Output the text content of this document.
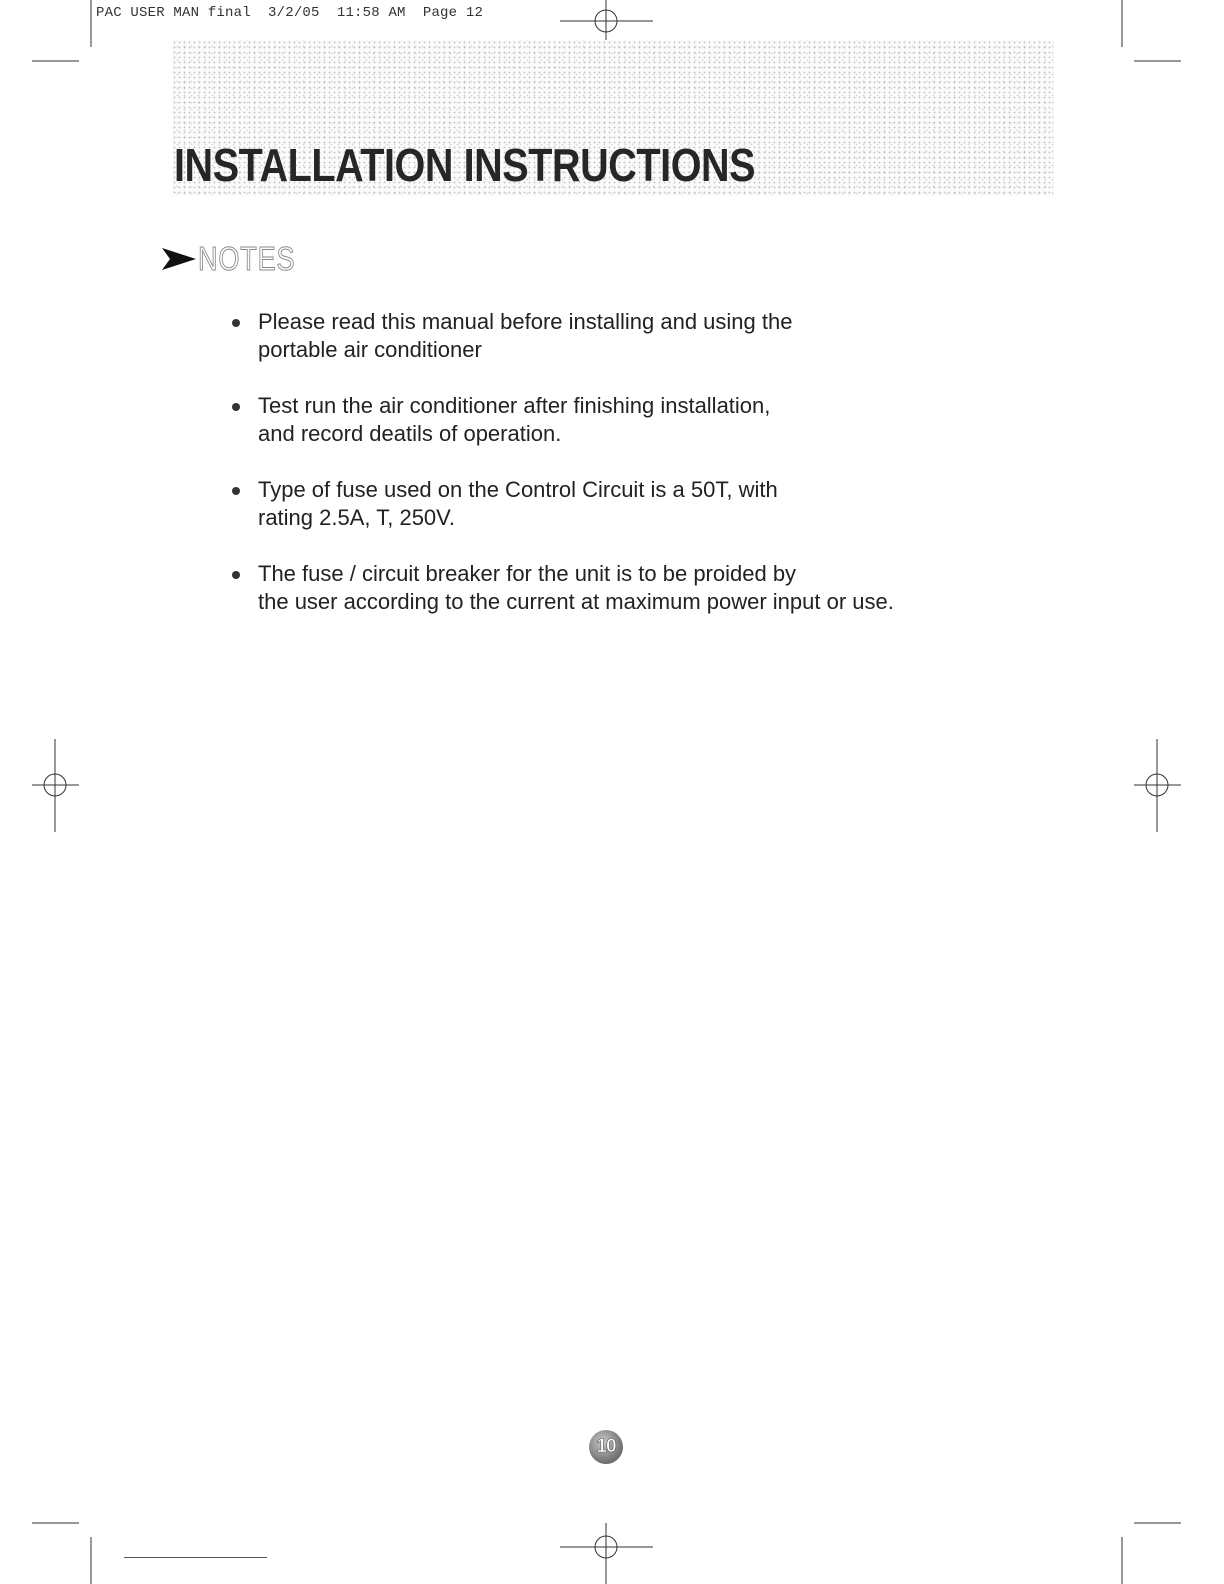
PAC USER MAN final  3/2/05  11:58 AM  Page 12
INSTALLATION INSTRUCTIONS
NOTES
Please read this manual before installing and using the
portable air conditioner
Test run the air conditioner after finishing installation,
and record deatils of operation.
Type of fuse used on the Control Circuit is a 50T, with
rating 2.5A, T, 250V.
The fuse / circuit breaker for the unit is to be proided by
the user according to the current at maximum power input or use.
10
